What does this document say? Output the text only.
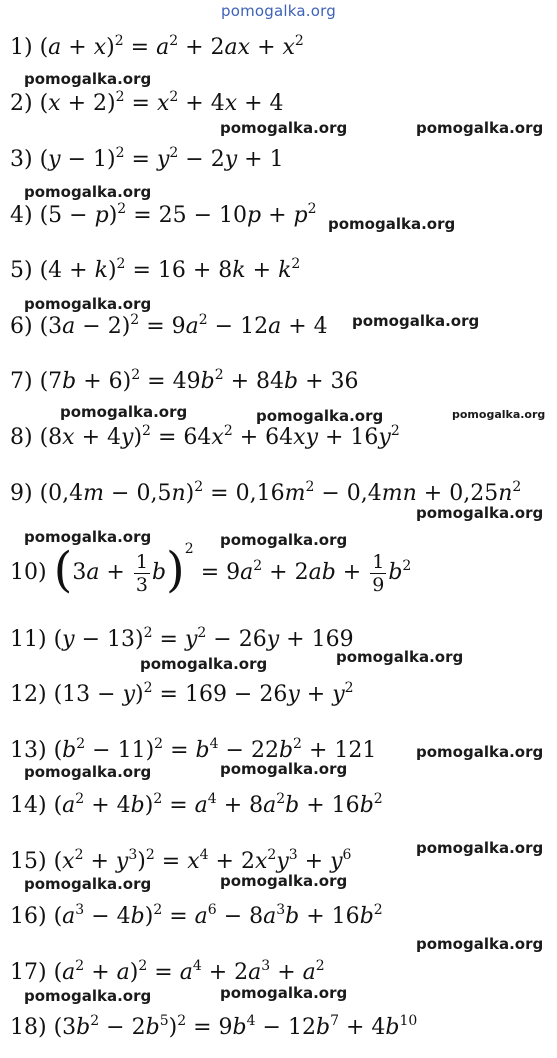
pomogalka.org
1) $(a + x)^2 = a^2 + 2ax + x^2$
2) $(x + 2)^2 = x^2 + 4x + 4$
3) $(y - 1)^2 = y^2 - 2y + 1$
4) $(5 - p)^2 = 25 - 10p + p^2$
5) $(4 + k)^2 = 16 + 8k + k^2$
6) $(3a - 2)^2 = 9a^2 - 12a + 4$
7) $(7b + 6)^2 = 49b^2 + 84b + 36$
8) $(8x + 4y)^2 = 64x^2 + 64xy + 16y^2$
9) $(0,4m - 0,5n)^2 = 0,16m^2 - 0,4mn + 0,25n^2$
10) $(3a + \frac{1}{3} b)^2 = 9a^2 + 2ab + \frac{1}{9} b^2$
11) $(y - 13)^2 = y^2 - 26y + 169$
12) $(13 - y)^2 = 169 - 26y + y^2$
13) $(b^2 - 11)^2 = b^4 - 22b^2 + 121$
14) $(a^2 + 4b)^2 = a^4 + 8a^2b + 16b^2$
15) $(x^2 + y^3)^2 = x^4 + 2x^2y^3 + y^6$
16) $(a^3 - 4b)^2 = a^6 - 8a^3b + 16b^2$
17) $(a^2 + a)^2 = a^4 + 2a^3 + a^2$
18) $(3b^2 - 2b^5)^2 = 9b^4 - 12b^7 + 4b^{10}$
pomogalka.org
pomogalka.org	pomogalka.org
pomogalka.org
pomogalka.org
pomogalka.org
pomogalka.org
pomogalka.org	pomogalka.org	pomogalka.org
pomogalka.org
pomogalka.org	pomogalka.org
pomogalka.org	pomogalka.org
pomogalka.org
pomogalka.org	pomogalka.org
pomogalka.org
pomogalka.org	pomogalka.org
pomogalka.org
pomogalka.org	pomogalka.org
